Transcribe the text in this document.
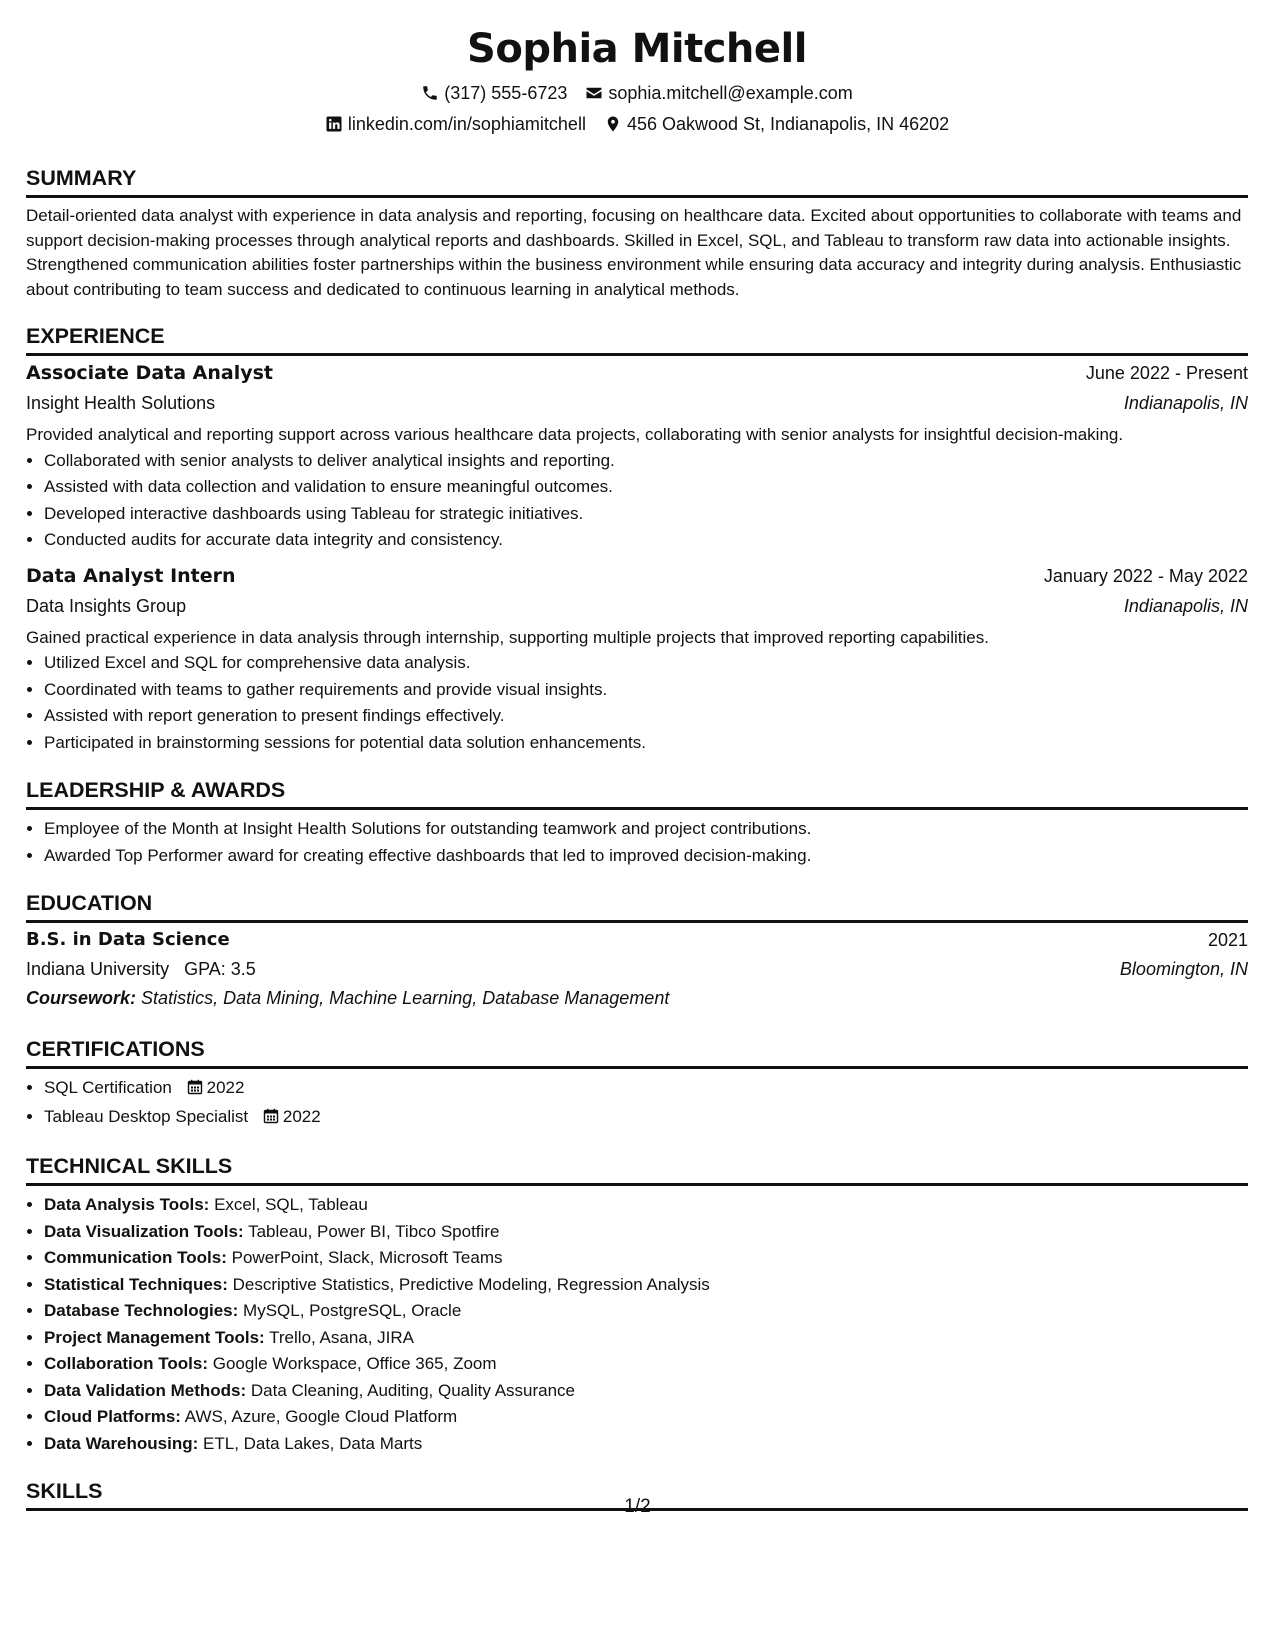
Sophia Mitchell
(317) 555-6723 sophia.mitchell@example.com
linkedin.com/in/sophiamitchell 456 Oakwood St, Indianapolis, IN 46202
SUMMARY
Detail-oriented data analyst with experience in data analysis and reporting, focusing on healthcare data. Excited about opportunities to collaborate with teams and support decision-making processes through analytical reports and dashboards. Skilled in Excel, SQL, and Tableau to transform raw data into actionable insights. Strengthened communication abilities foster partnerships within the business environment while ensuring data accuracy and integrity during analysis. Enthusiastic about contributing to team success and dedicated to continuous learning in analytical methods.
EXPERIENCE
Associate Data Analyst	June 2022 - Present
Insight Health Solutions	Indianapolis, IN
Provided analytical and reporting support across various healthcare data projects, collaborating with senior analysts for insightful decision-making.
• Collaborated with senior analysts to deliver analytical insights and reporting.
• Assisted with data collection and validation to ensure meaningful outcomes.
• Developed interactive dashboards using Tableau for strategic initiatives.
• Conducted audits for accurate data integrity and consistency.
Data Analyst Intern	January 2022 - May 2022
Data Insights Group	Indianapolis, IN
Gained practical experience in data analysis through internship, supporting multiple projects that improved reporting capabilities.
• Utilized Excel and SQL for comprehensive data analysis.
• Coordinated with teams to gather requirements and provide visual insights.
• Assisted with report generation to present findings effectively.
• Participated in brainstorming sessions for potential data solution enhancements.
LEADERSHIP & AWARDS
• Employee of the Month at Insight Health Solutions for outstanding teamwork and project contributions.
• Awarded Top Performer award for creating effective dashboards that led to improved decision-making.
EDUCATION
B.S. in Data Science	2021
Indiana University GPA: 3.5	Bloomington, IN
Coursework: Statistics, Data Mining, Machine Learning, Database Management
CERTIFICATIONS
• SQL Certification 2022
• Tableau Desktop Specialist 2022
TECHNICAL SKILLS
• Data Analysis Tools: Excel, SQL, Tableau
• Data Visualization Tools: Tableau, Power BI, Tibco Spotfire
• Communication Tools: PowerPoint, Slack, Microsoft Teams
• Statistical Techniques: Descriptive Statistics, Predictive Modeling, Regression Analysis
• Database Technologies: MySQL, PostgreSQL, Oracle
• Project Management Tools: Trello, Asana, JIRA
• Collaboration Tools: Google Workspace, Office 365, Zoom
• Data Validation Methods: Data Cleaning, Auditing, Quality Assurance
• Cloud Platforms: AWS, Azure, Google Cloud Platform
• Data Warehousing: ETL, Data Lakes, Data Marts
SKILLS
1/2
